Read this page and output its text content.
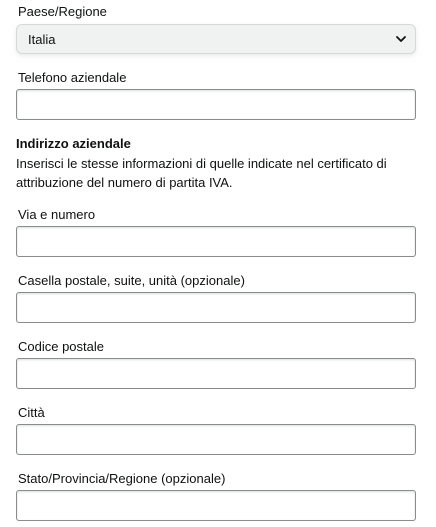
Paese/Regione
Italia
Telefono aziendale
Indirizzo aziendale
Inserisci le stesse informazioni di quelle indicate nel certificato di attribuzione del numero di partita IVA.
Via e numero
Casella postale, suite, unità (opzionale)
Codice postale
Città
Stato/Provincia/Regione (opzionale)
